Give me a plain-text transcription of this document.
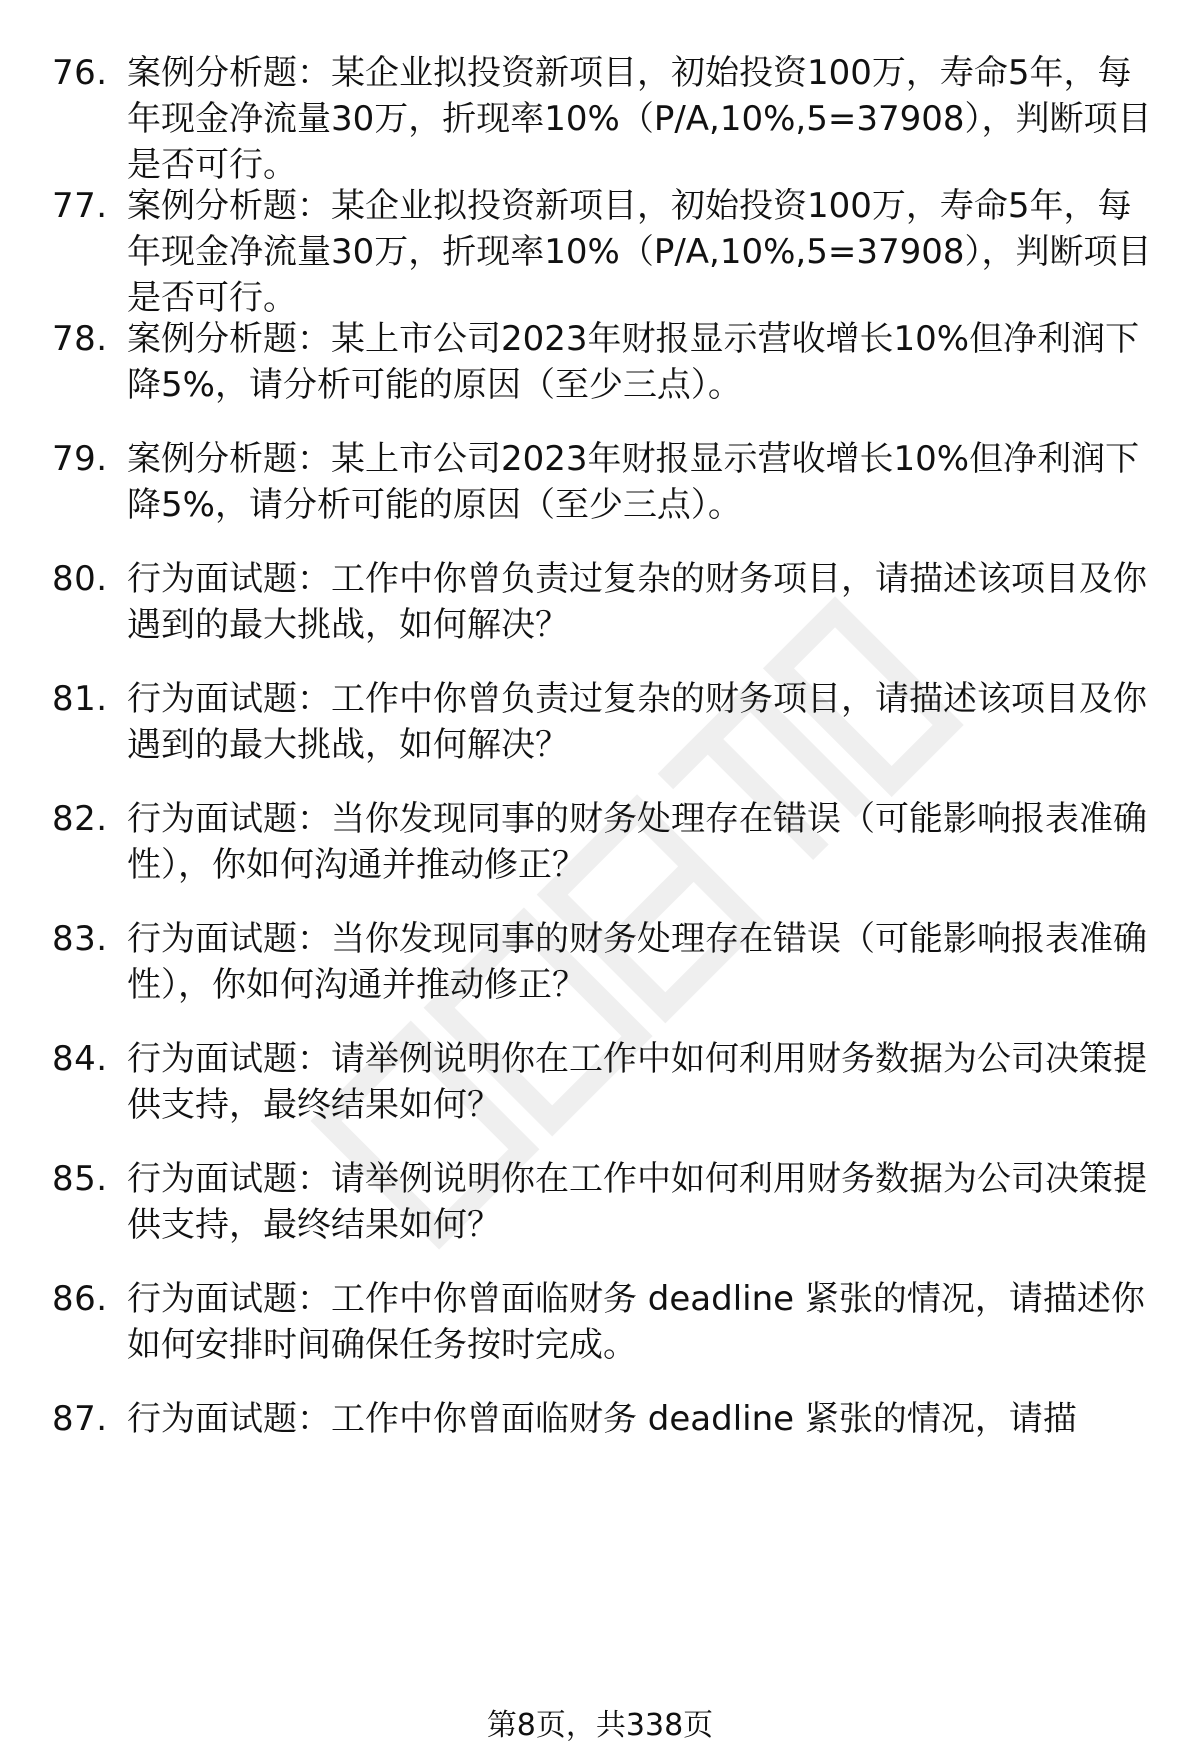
76. 案例分析题：某企业拟投资新项目，初始投资100万，寿命5年，每年现金净流量30万，折现率10%（P/A,10%,5=37908），判断项目是否可行。

77. 案例分析题：某企业拟投资新项目，初始投资100万，寿命5年，每年现金净流量30万，折现率10%（P/A,10%,5=37908），判断项目是否可行。

78. 案例分析题：某上市公司2023年财报显示营收增长10%但净利润下降5%，请分析可能的原因（至少三点）。

79. 案例分析题：某上市公司2023年财报显示营收增长10%但净利润下降5%，请分析可能的原因（至少三点）。

80. 行为面试题：工作中你曾负责过复杂的财务项目，请描述该项目及你遇到的最大挑战，如何解决？

81. 行为面试题：工作中你曾负责过复杂的财务项目，请描述该项目及你遇到的最大挑战，如何解决？

82. 行为面试题：当你发现同事的财务处理存在错误（可能影响报表准确性），你如何沟通并推动修正？

83. 行为面试题：当你发现同事的财务处理存在错误（可能影响报表准确性），你如何沟通并推动修正？

84. 行为面试题：请举例说明你在工作中如何利用财务数据为公司决策提供支持，最终结果如何？

85. 行为面试题：请举例说明你在工作中如何利用财务数据为公司决策提供支持，最终结果如何？

86. 行为面试题：工作中你曾面临财务 deadline 紧张的情况，请描述你如何安排时间确保任务按时完成。

87. 行为面试题：工作中你曾面临财务 deadline 紧张的情况，请描

第8页，共338页
